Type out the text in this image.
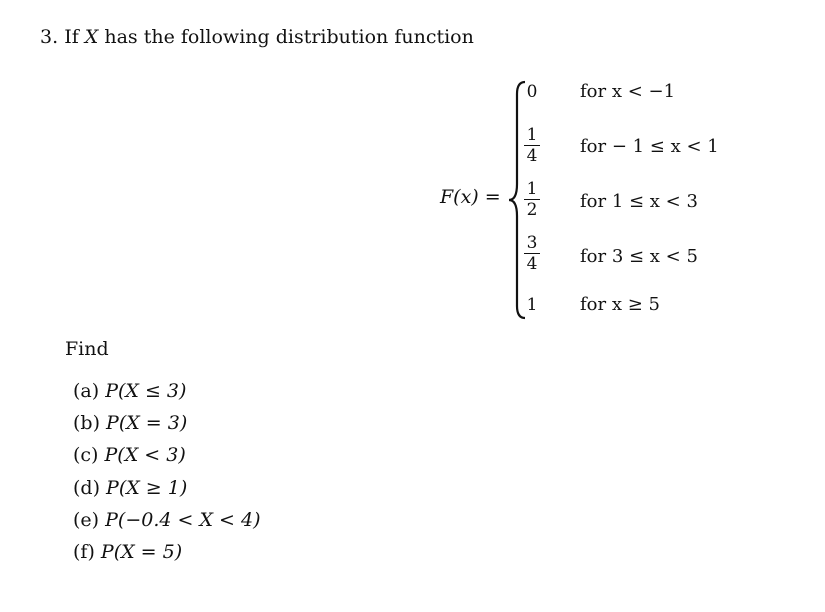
3. If X has the following distribution function
F(x) =
0
1
4
1
2
3
4
1
for x < −1
for − 1 ≤ x < 1
for 1 ≤ x < 3
for 3 ≤ x < 5
for x ≥ 5
Find
(a) P(X ≤ 3)
(b) P(X = 3)
(c) P(X < 3)
(d) P(X ≥ 1)
(e) P(−0.4 < X < 4)
(f) P(X = 5)
